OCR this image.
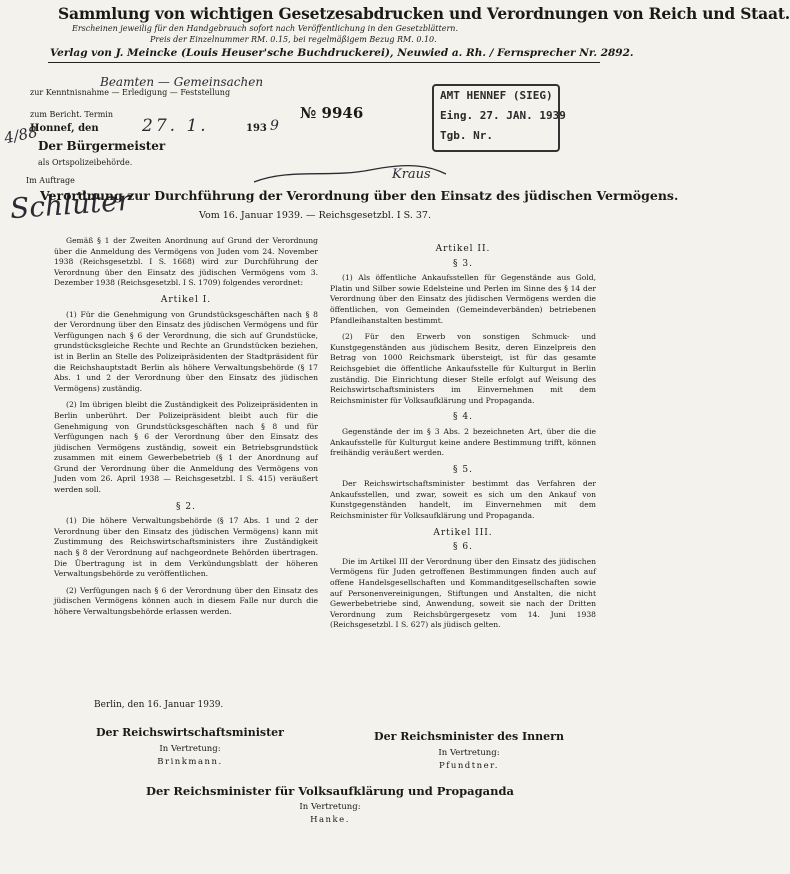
Sammlung von wichtigen Gesetzesabdrucken und Verordnungen von Reich und Staat.
Erscheinen jeweilig für den Handgebrauch sofort nach Veröffentlichung in den Gesetzblättern.
Preis der Einzelnummer RM. 0.15, bei regelmäßigem Bezug RM. 0.10.
Verlag von J. Meincke (Louis Heuser'sche Buchdruckerei), Neuwied a. Rh. / Fernsprecher Nr. 2892.
4/88
zur Kenntnisnahme — Erledigung — Feststellung
Beamten — Gemeinsachen
zum Bericht. Termin
Honnef, den	27. 1.	193 9
№ 9946
Der Bürgermeister
als Ortspolizeibehörde.
Im Auftrage
Schlüter
Kraus
AMT HENNEF (SIEG)
Eing. 27. JAN. 1939
Tgb. Nr.
Verordnung zur Durchführung der Verordnung über den Einsatz des jüdischen Vermögens.
Vom 16. Januar 1939. — Reichsgesetzbl. I S. 37.

Gemäß § 1 der Zweiten Anordnung auf Grund der Verordnung über die Anmeldung des Vermögens von Juden vom 24. November 1938 (Reichsgesetzbl. I S. 1668) wird zur Durchführung der Verordnung über den Einsatz des jüdischen Vermögens vom 3. Dezember 1938 (Reichsgesetzbl. I S. 1709) folgendes verordnet:

Artikel I.

(1) Für die Genehmigung von Grundstücksgeschäften nach § 8 der Verordnung über den Einsatz des jüdischen Vermögens und für Verfügungen nach § 6 der Verordnung, die sich auf Grundstücke, grundstücksgleiche Rechte und Rechte an Grundstücken beziehen, ist in Berlin an Stelle des Polizeipräsidenten der Stadtpräsident für die Reichshauptstadt Berlin als höhere Verwaltungsbehörde (§ 17 Abs. 1 und 2 der Verordnung über den Einsatz des jüdischen Vermögens) zuständig.

(2) Im übrigen bleibt die Zuständigkeit des Polizeipräsidenten in Berlin unberührt. Der Polizeipräsident bleibt auch für die Genehmigung von Grundstücksgeschäften nach § 8 und für Verfügungen nach § 6 der Verordnung über den Einsatz des jüdischen Vermögens zuständig, soweit ein Betriebsgrundstück zusammen mit einem Gewerbebetrieb (§ 1 der Anordnung auf Grund der Verordnung über die Anmeldung des Vermögens von Juden vom 26. April 1938 — Reichsgesetzbl. I S. 415) veräußert werden soll.

§ 2.

(1) Die höhere Verwaltungsbehörde (§ 17 Abs. 1 und 2 der Verordnung über den Einsatz des jüdischen Vermögens) kann mit Zustimmung des Reichswirtschaftsministers ihre Zuständigkeit nach § 8 der Verordnung auf nachgeordnete Behörden übertragen. Die Übertragung ist in dem Verkündungsblatt der höheren Verwaltungsbehörde zu veröffentlichen.

(2) Verfügungen nach § 6 der Verordnung über den Einsatz des jüdischen Vermögens können auch in diesem Falle nur durch die höhere Verwaltungsbehörde erlassen werden.

Artikel II.
§ 3.

(1) Als öffentliche Ankaufsstellen für Gegenstände aus Gold, Platin und Silber sowie Edelsteine und Perlen im Sinne des § 14 der Verordnung über den Einsatz des jüdischen Vermögens werden die öffentlichen, von Gemeinden (Gemeindeverbänden) betriebenen Pfandleihanstalten bestimmt.

(2) Für den Erwerb von sonstigen Schmuck- und Kunstgegenständen aus jüdischem Besitz, deren Einzelpreis den Betrag von 1000 Reichsmark übersteigt, ist für das gesamte Reichsgebiet die öffentliche Ankaufsstelle für Kulturgut in Berlin zuständig. Die Einrichtung dieser Stelle erfolgt auf Weisung des Reichswirtschaftsministers im Einvernehmen mit dem Reichsminister für Volksaufklärung und Propaganda.

§ 4.

Gegenstände der im § 3 Abs. 2 bezeichneten Art, über die die Ankaufsstelle für Kulturgut keine andere Bestimmung trifft, können freihändig veräußert werden.

§ 5.

Der Reichswirtschaftsminister bestimmt das Verfahren der Ankaufsstellen, und zwar, soweit es sich um den Ankauf von Kunstgegenständen handelt, im Einvernehmen mit dem Reichsminister für Volksaufklärung und Propaganda.

Artikel III.
§ 6.

Die im Artikel III der Verordnung über den Einsatz des jüdischen Vermögens für Juden getroffenen Bestimmungen finden auch auf offene Handelsgesellschaften und Kommanditgesellschaften sowie auf Personenvereinigungen, Stiftungen und Anstalten, die nicht Gewerbebetriebe sind, Anwendung, soweit sie nach der Dritten Verordnung zum Reichsbürgergesetz vom 14. Juni 1938 (Reichsgesetzbl. I S. 627) als jüdisch gelten.

Berlin, den 16. Januar 1939.
Der Reichswirtschaftsminister
In Vertretung:
Brinkmann.
Der Reichsminister des Innern
In Vertretung:
Pfundtner.
Der Reichsminister für Volksaufklärung und Propaganda
In Vertretung:
Hanke.
